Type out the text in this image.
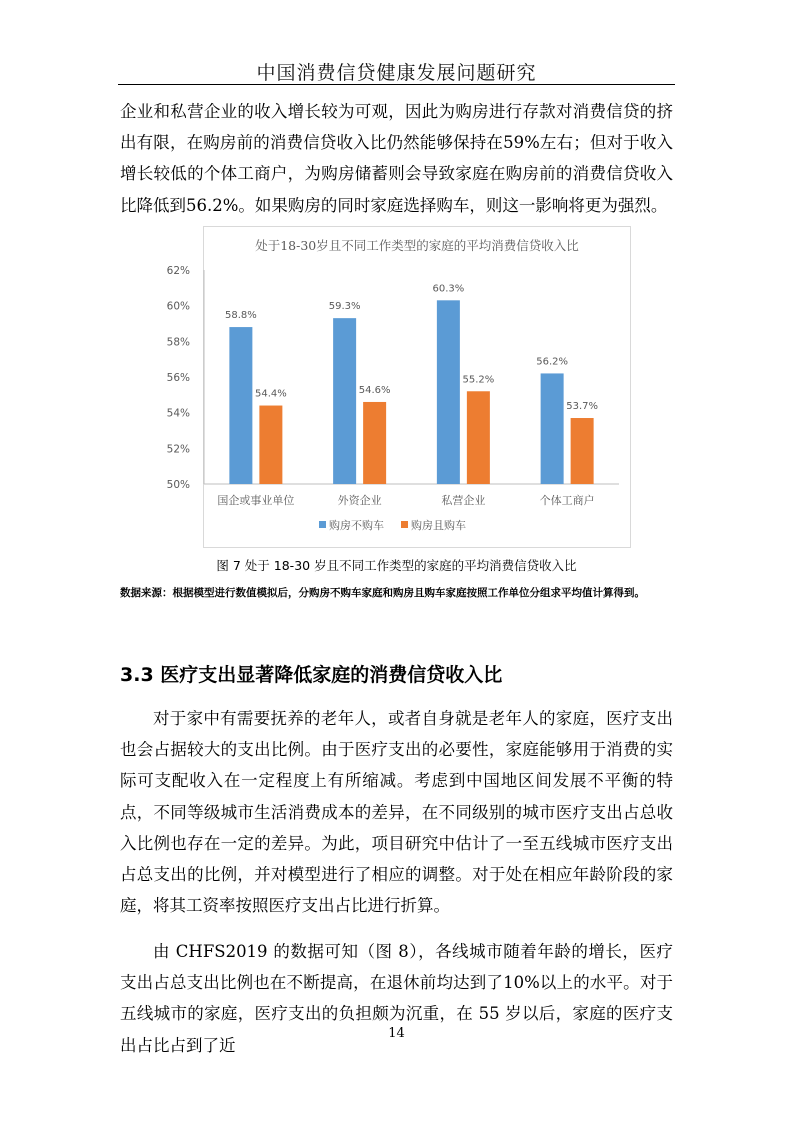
中国消费信贷健康发展问题研究

企业和私营企业的收入增长较为可观，因此为购房进行存款对消费信贷的挤出有限，在购房前的消费信贷收入比仍然能够保持在59%左右；但对于收入增长较低的个体工商户，为购房储蓄则会导致家庭在购房前的消费信贷收入比降低到56.2%。如果购房的同时家庭选择购车，则这一影响将更为强烈。

处于18-30岁且不同工作类型的家庭的平均消费信贷收入比
50%
52%
54%
56%
58%
60%
62%
58.8%
54.4%
国企或事业单位
59.3%
54.6%
外资企业
60.3%
55.2%
私营企业
56.2%
53.7%
个体工商户
购房不购车 购房且购车
图 7 处于 18-30 岁且不同工作类型的家庭的平均消费信贷收入比

数据来源：根据模型进行数值模拟后，分购房不购车家庭和购房且购车家庭按照工作单位分组求平均值计算得到。

3.3 医疗支出显著降低家庭的消费信贷收入比

对于家中有需要抚养的老年人，或者自身就是老年人的家庭，医疗支出也会占据较大的支出比例。由于医疗支出的必要性，家庭能够用于消费的实际可支配收入在一定程度上有所缩减。考虑到中国地区间发展不平衡的特点，不同等级城市生活消费成本的差异，在不同级别的城市医疗支出占总收入比例也存在一定的差异。为此，项目研究中估计了一至五线城市医疗支出占总支出的比例，并对模型进行了相应的调整。对于处在相应年龄阶段的家庭，将其工资率按照医疗支出占比进行折算。

由 CHFS2019 的数据可知（图 8），各线城市随着年龄的增长，医疗支出占总支出比例也在不断提高，在退休前均达到了10%以上的水平。对于五线城市的家庭，医疗支出的负担颇为沉重，在 55 岁以后，家庭的医疗支出占比占到了近

14
